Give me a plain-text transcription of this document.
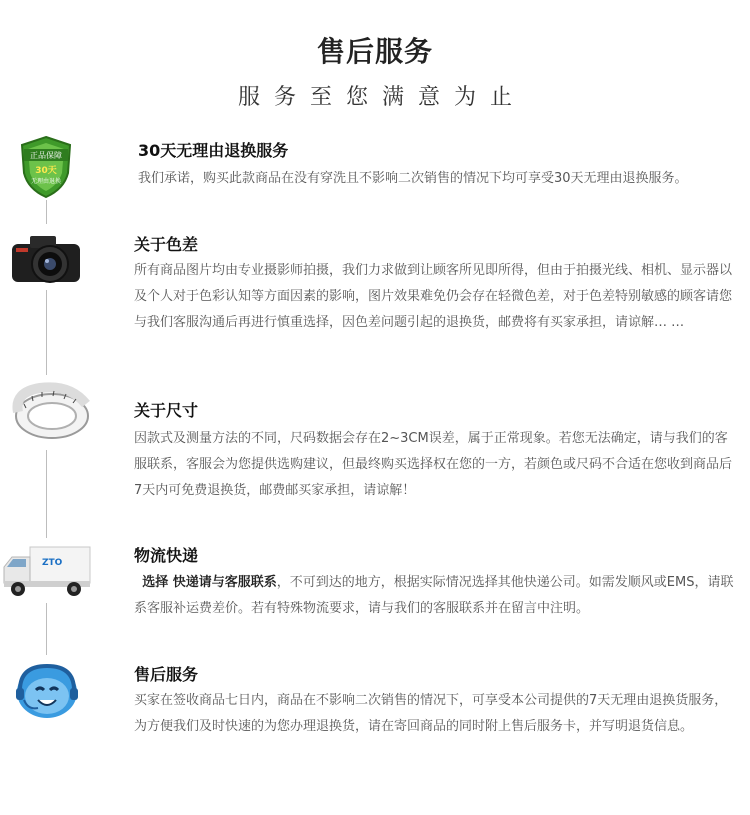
售后服务
服务至您满意为止
正品保障
30天
无理由退换
30天无理由退换服务
我们承诺，购买此款商品在没有穿洗且不影响二次销售的情况下均可享受30天无理由退换服务。
关于色差
所有商品图片均由专业摄影师拍摄，我们力求做到让顾客所见即所得，但由于拍摄光线、相机、显示器以及个人对于色彩认知等方面因素的影响，图片效果难免仍会存在轻微色差，对于色差特别敏感的顾客请您与我们客服沟通后再进行慎重选择，因色差问题引起的退换货，邮费将有买家承担，请谅解… …
关于尺寸
因款式及测量方法的不同，尺码数据会存在2~3CM误差，属于正常现象。若您无法确定，请与我们的客服联系，客服会为您提供选购建议，但最终购买选择权在您的一方，若颜色或尺码不合适在您收到商品后7天内可免费退换货，邮费邮买家承担，请谅解！
ZTO	物流快递
选择 快递请与客服联系，不可到达的地方，根据实际情况选择其他快递公司。如需发顺风或EMS，请联系客服补运费差价。若有特殊物流要求，请与我们的客服联系并在留言中注明。
售后服务
买家在签收商品七日内，商品在不影响二次销售的情况下，可享受本公司提供的7天无理由退换货服务，为方便我们及时快速的为您办理退换货，请在寄回商品的同时附上售后服务卡，并写明退货信息。
